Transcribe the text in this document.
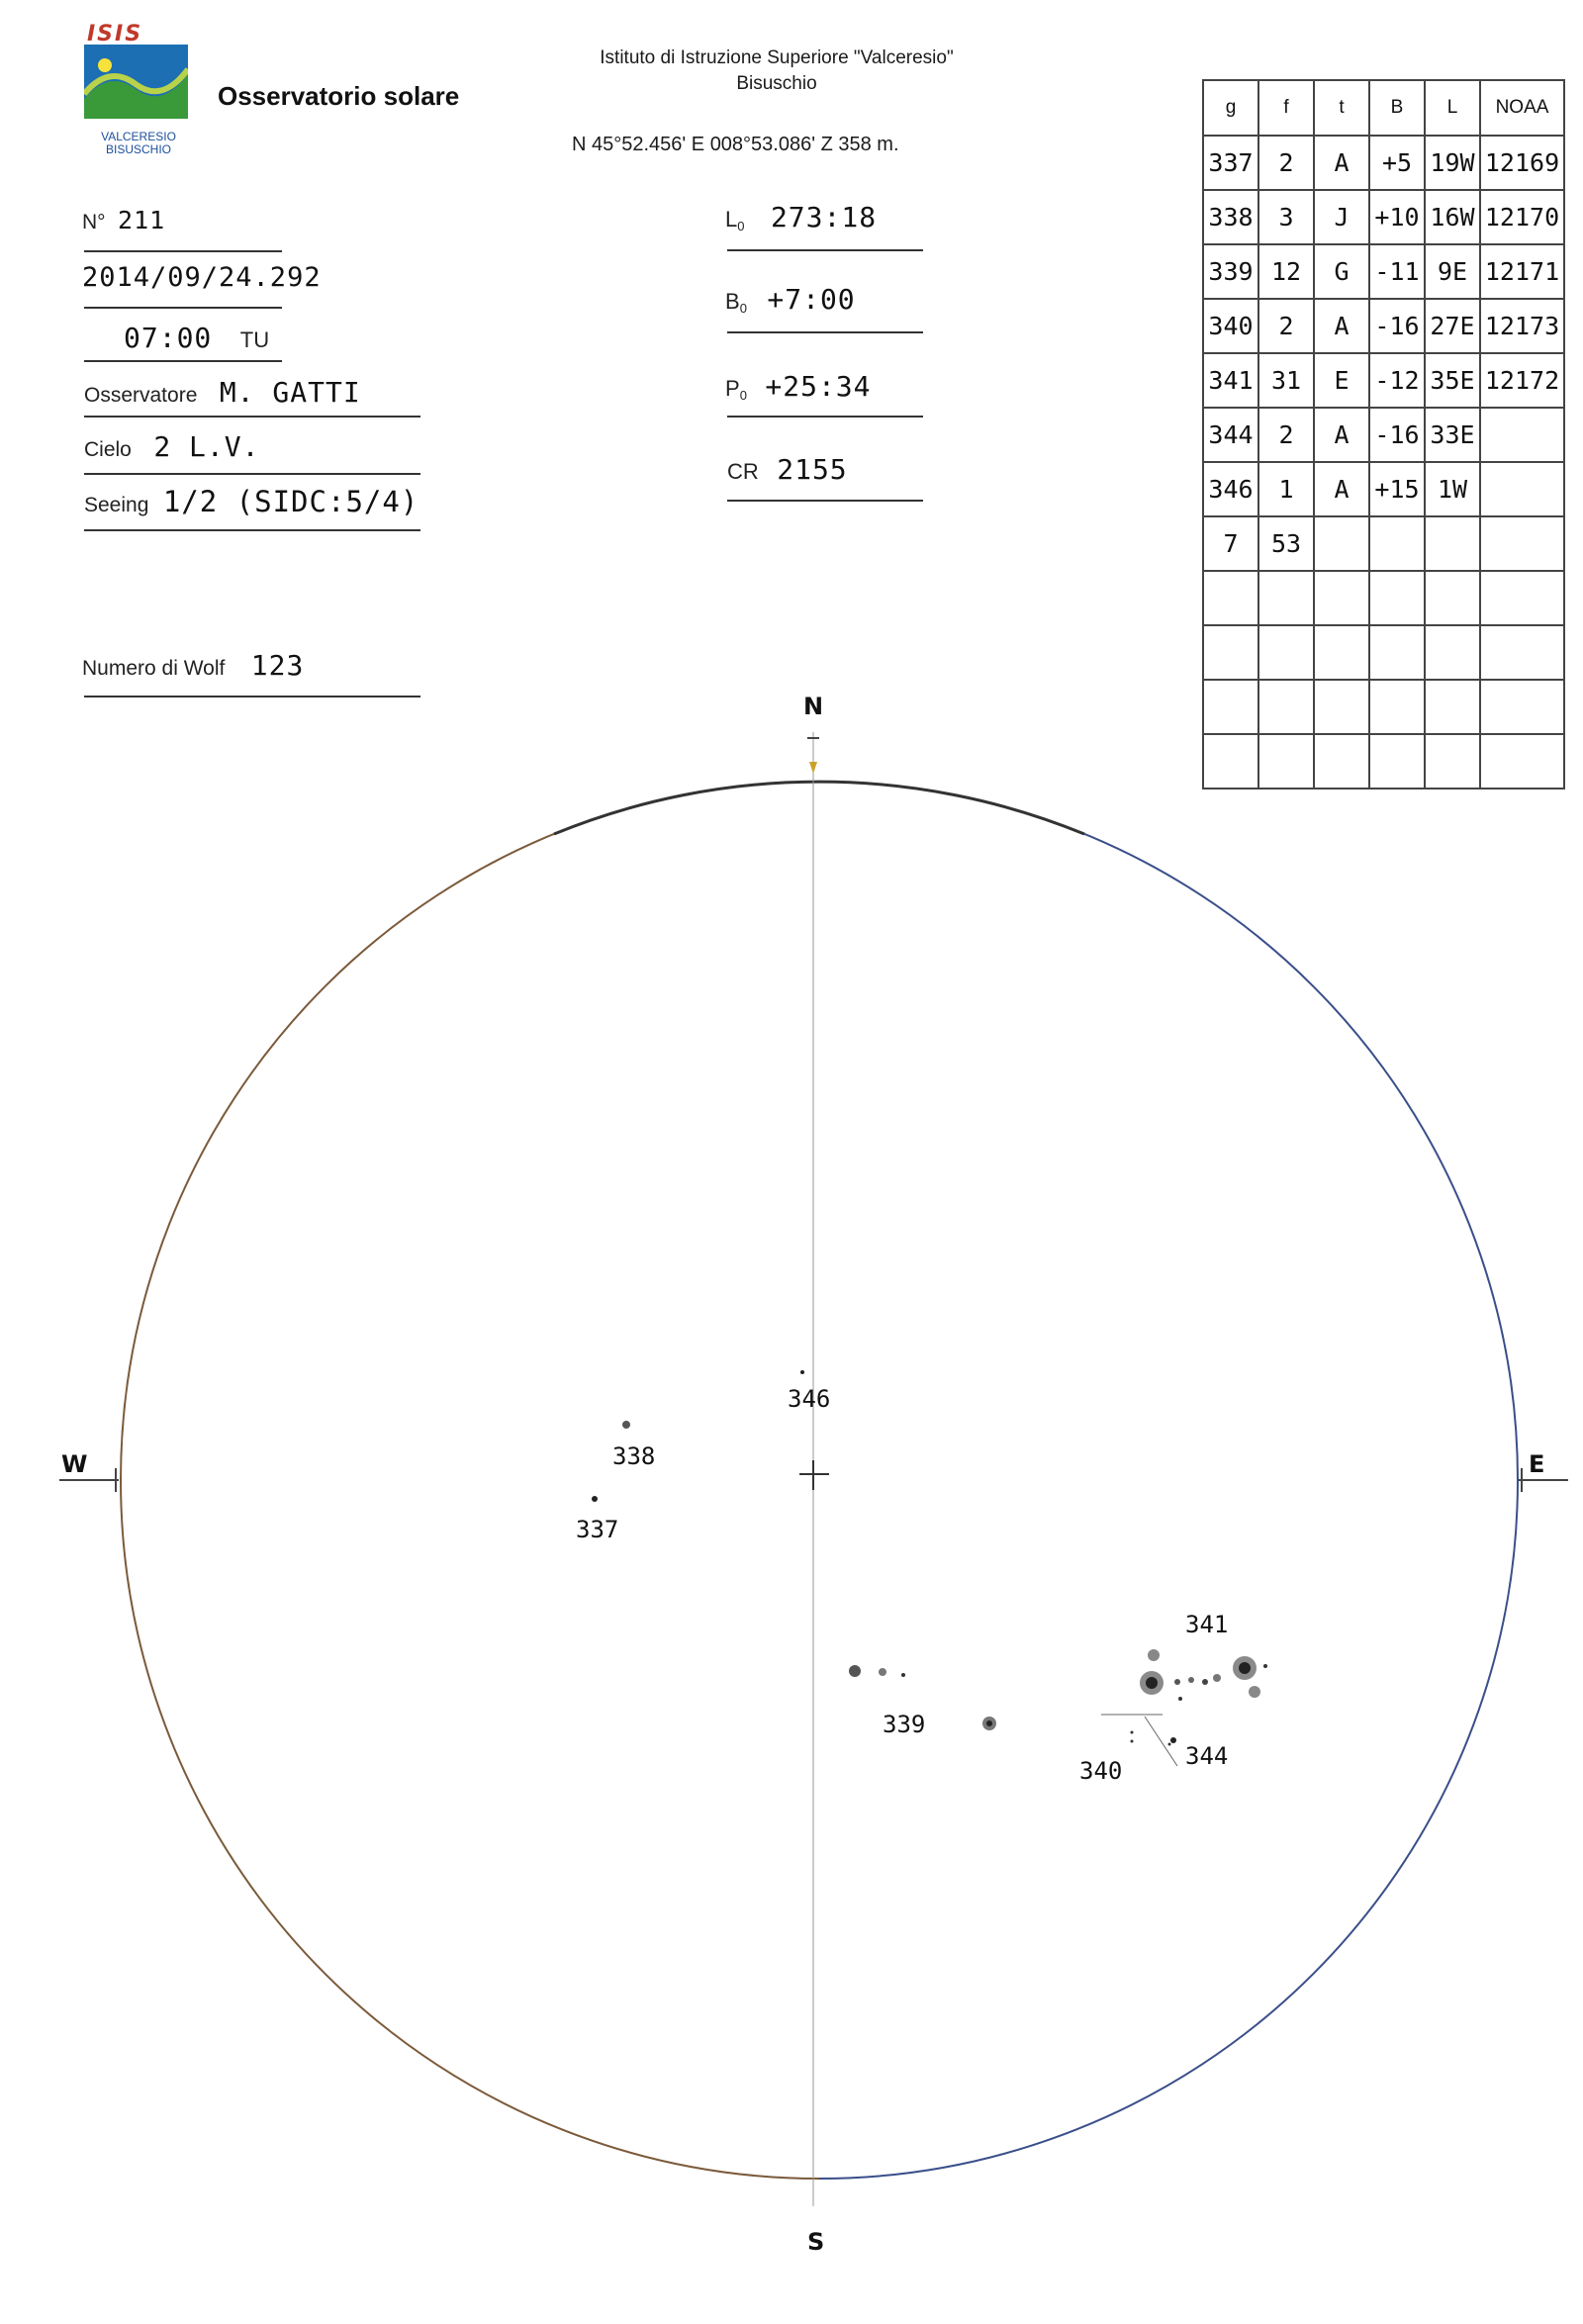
ISIS
VALCERESIO
BISUSCHIO
Osservatorio solare
Istituto di Istruzione Superiore "Valceresio"
Bisuschio
N 45°52.456' E 008°53.086' Z 358 m.
N° 211
2014/09/24.292
07:00 TU
Osservatore M. GATTI
Cielo 2 L.V.
Seeing 1/2 (SIDC:5/4)
Numero di Wolf 123
$L_0$ 273:18
$B_0$ +7:00
$P_0$ +25:34
CR 2155
g	f	t	B	L	NOAA
337	2	A	+5	19W	12169
338	3	J	+10	16W	12170
339	12	G	-11	9E	12171
340	2	A	-16	27E	12173
341	31	E	-12	35E	12172
344	2	A	-16	33E	
346	1	A	+15	1W	
7	53				

N
S
E
W
346
338
337
341
339
340
344
